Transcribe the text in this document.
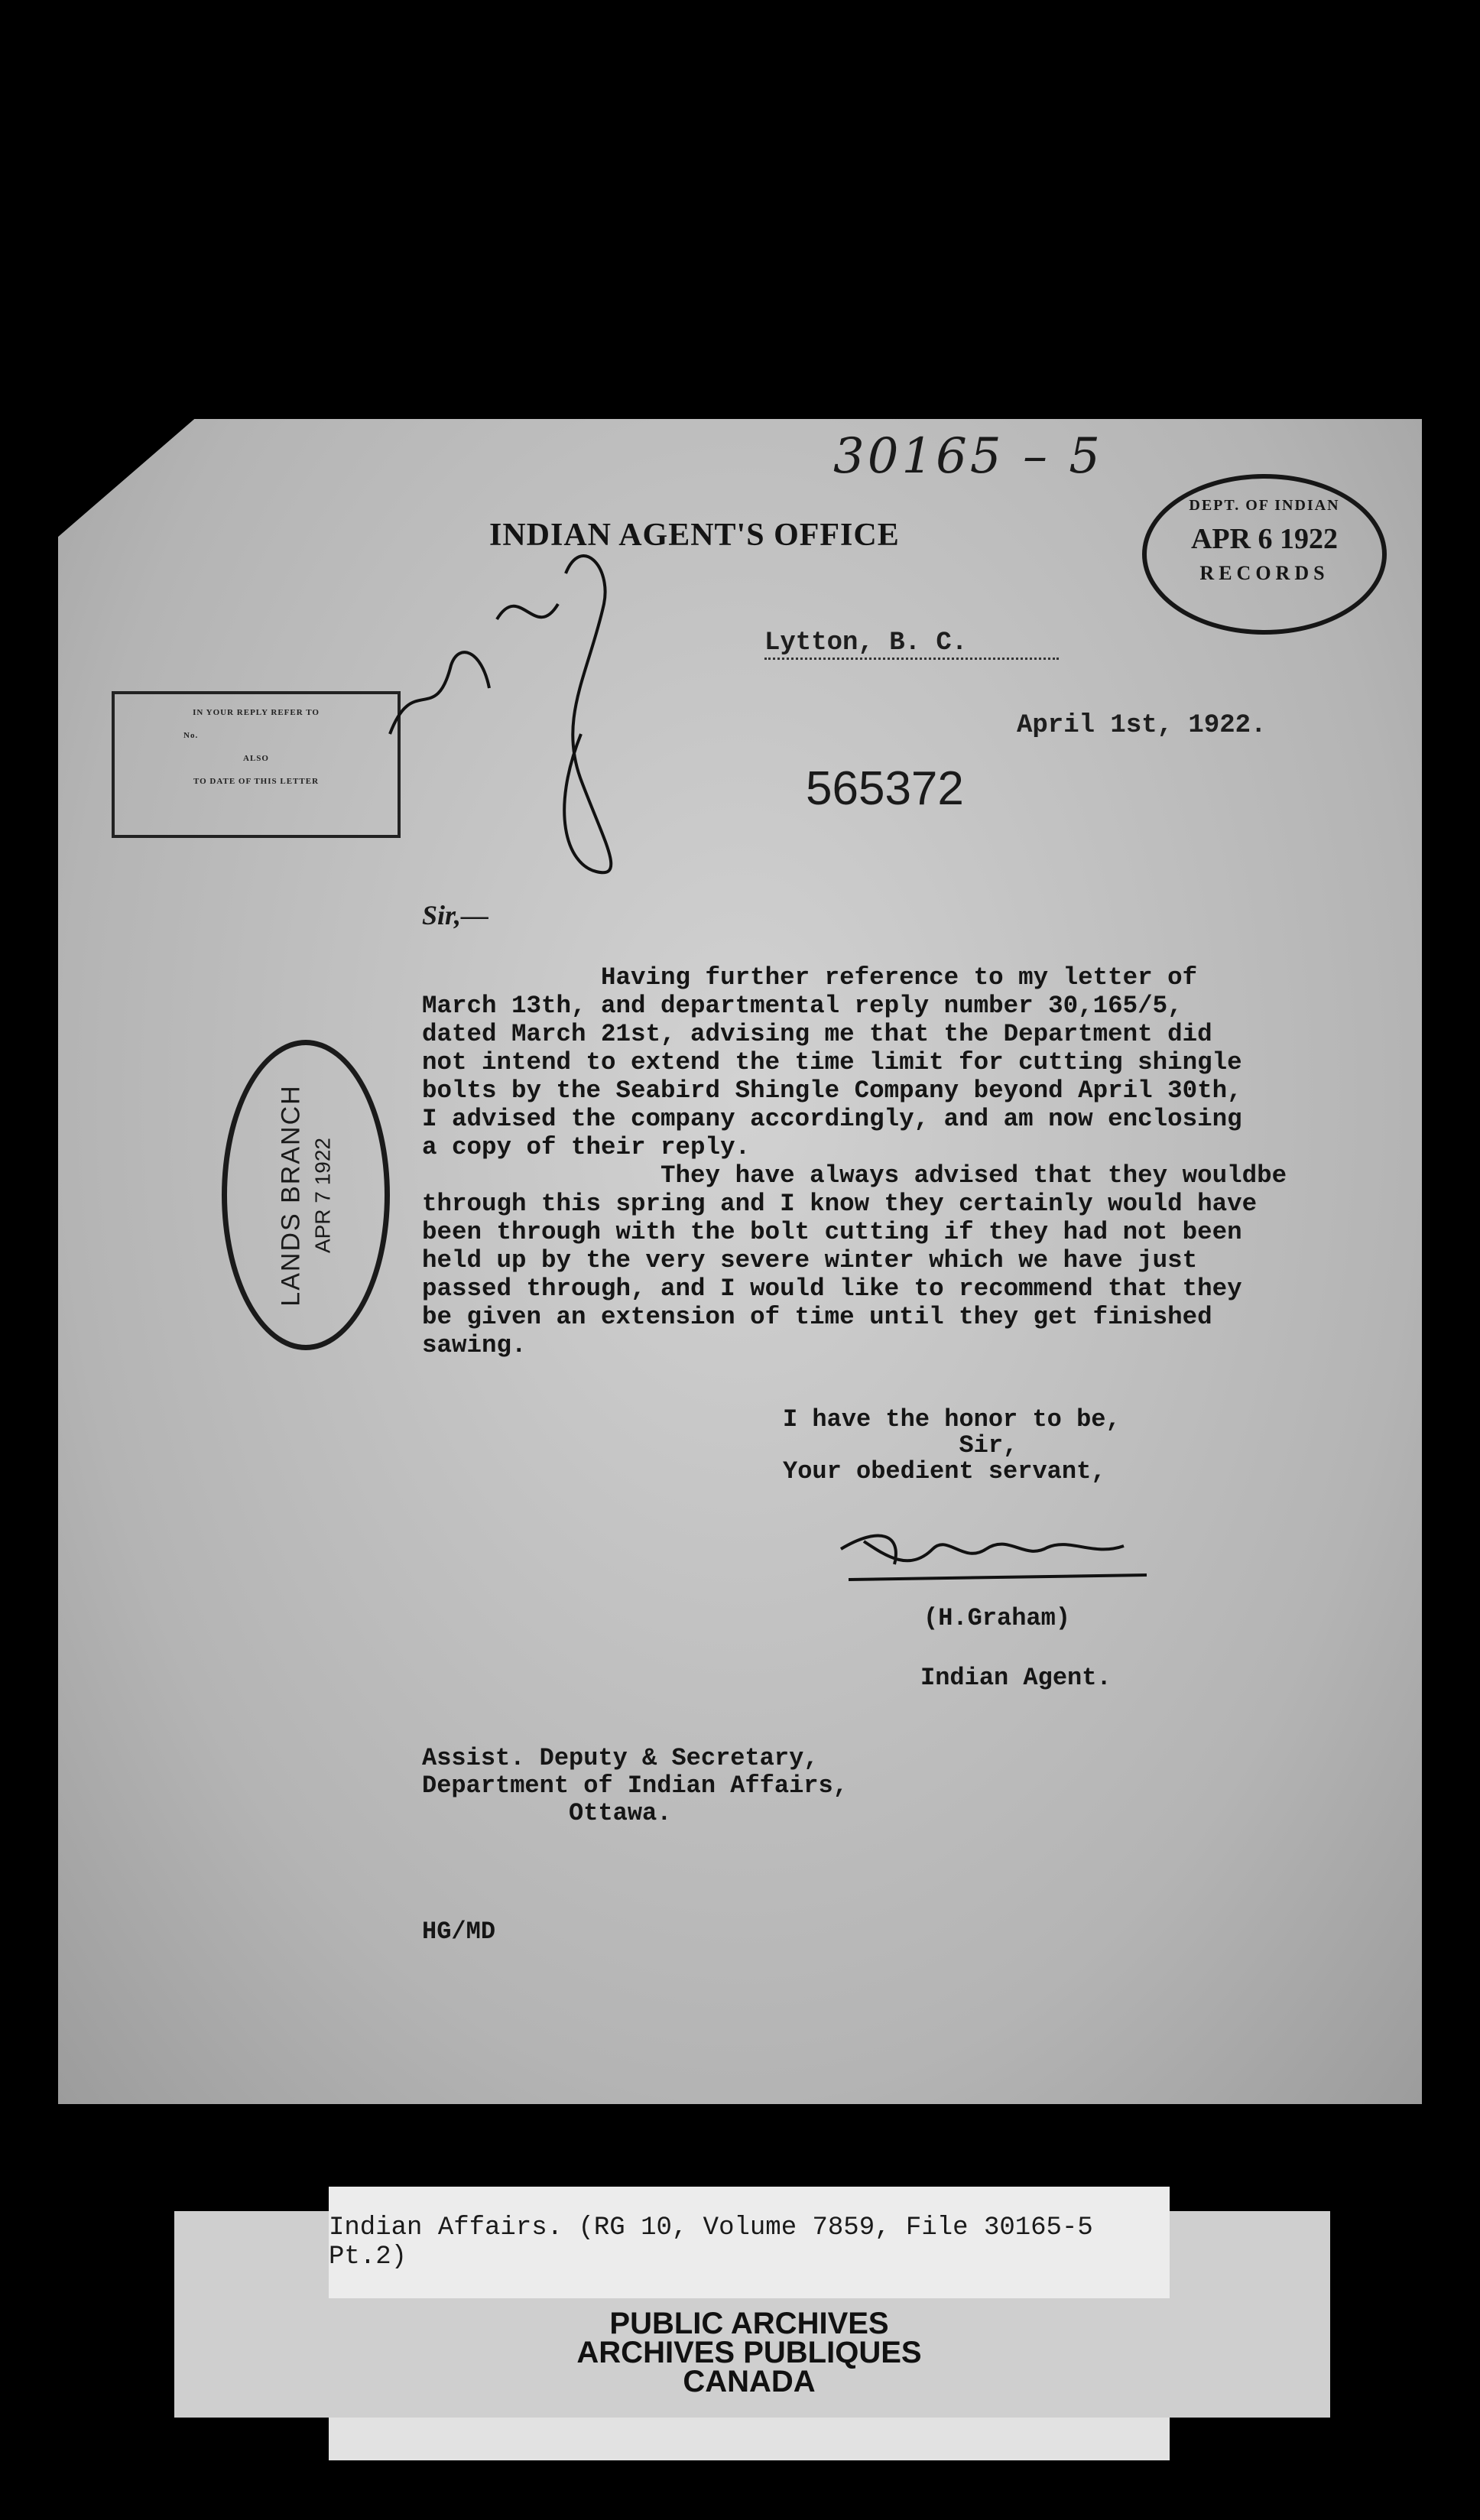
30165 – 5
INDIAN AGENT'S OFFICE
DEPT. OF INDIAN
APR 6 1922
RECORDS
IN YOUR REPLY REFER TO
No.
ALSO
TO DATE OF THIS LETTER
Lytton, B. C.
April 1st, 1922.
565372
LANDS BRANCH APR 7 1922
Sir,—
Having further reference to my letter of
March 13th, and departmental reply number 30,165/5,
dated March 21st, advising me that the Department did
not intend to extend the time limit for cutting shingle
bolts by the Seabird Shingle Company beyond April 30th,
I advised the company accordingly, and am now enclosing
a copy of their reply.
They have always advised that they wouldbe
through this spring and I know they certainly would have
been through with the bolt cutting if they had not been
held up by the very severe winter which we have just
passed through, and I would like to recommend that they
be given an extension of time until they get finished
sawing.
I have the honor to be,
Sir,
Your obedient servant,
(H.Graham)
Indian Agent.
Assist. Deputy & Secretary,
Department of Indian Affairs,
Ottawa.
HG/MD
Indian Affairs. (RG 10, Volume 7859, File 30165-5 Pt.2)
PUBLIC ARCHIVES
ARCHIVES PUBLIQUES
CANADA
